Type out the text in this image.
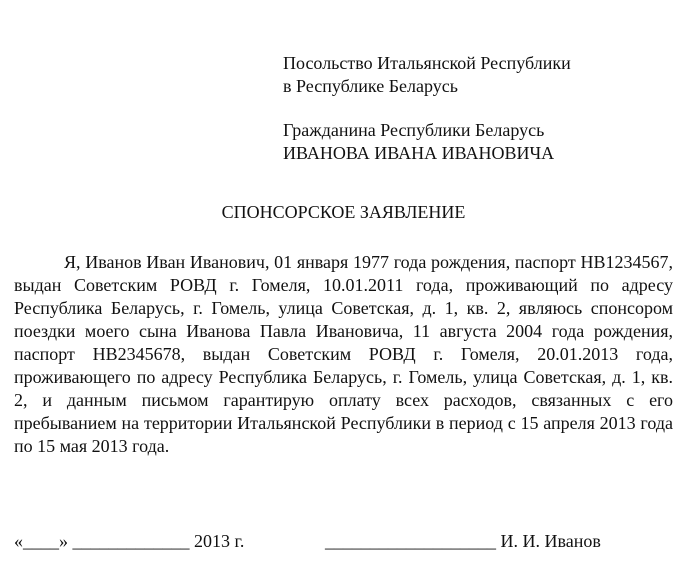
Посольство Итальянской Республики
в Республике Беларусь
Гражданина Республики Беларусь
ИВАНОВА ИВАНА ИВАНОВИЧА
СПОНСОРСКОЕ ЗАЯВЛЕНИЕ

Я, Иванов Иван Иванович, 01 января 1977 года рождения, паспорт НВ1234567, выдан Советским РОВД г. Гомеля, 10.01.2011 года, проживающий по адресу Республика Беларусь, г. Гомель, улица Советская, д. 1, кв. 2, являюсь спонсором поездки моего сына Иванова Павла Ивановича, 11 августа 2004 года рождения, паспорт НВ2345678, выдан Советским РОВД г. Гомеля, 20.01.2013 года, проживающего по адресу Республика Беларусь, г. Гомель, улица Советская, д. 1, кв. 2, и данным письмом гарантирую оплату всех расходов, связанных с его пребыванием на территории Итальянской Республики в период с 15 апреля 2013 года по 15 мая 2013 года.

«____» _____________ 2013 г.	___________________ И. И. Иванов
